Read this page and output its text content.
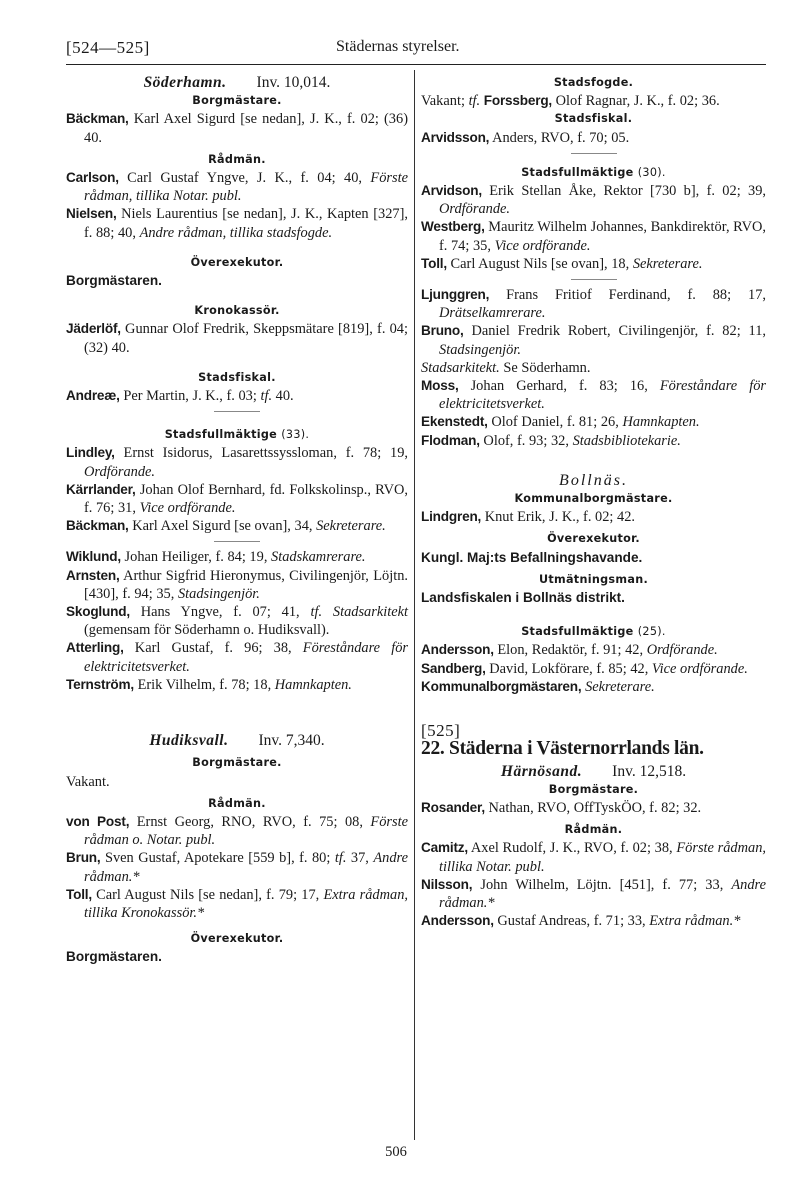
[524—525]	Städernas styrelser.
Söderhamn. Inv. 10,014.

Borgmästare.

Bäckman, Karl Axel Sigurd [se nedan], J. K., f. 02; (36) 40.

Rådmän.

Carlson, Carl Gustaf Yngve, J. K., f. 04; 40, Förste rådman, tillika Notar. publ.

Nielsen, Niels Laurentius [se nedan], J. K., Kapten [327], f. 88; 40, Andre rådman, tillika stadsfogde.

Överexekutor.

Borgmästaren.

Kronokassör.

Jäderlöf, Gunnar Olof Fredrik, Skeppsmätare [819], f. 04; (32) 40.

Stadsfiskal.

Andreæ, Per Martin, J. K., f. 03; tf. 40.

Stadsfullmäktige (33).

Lindley, Ernst Isidorus, Lasarettssyssloman, f. 78; 19, Ordförande.

Kärrlander, Johan Olof Bernhard, fd. Folkskolinsp., RVO, f. 76; 31, Vice ordförande.

Bäckman, Karl Axel Sigurd [se ovan], 34, Sekreterare.

Wiklund, Johan Heiliger, f. 84; 19, Stadskamrerare.

Arnsten, Arthur Sigfrid Hieronymus, Civilingenjör, Löjtn. [430], f. 94; 35, Stadsingenjör.

Skoglund, Hans Yngve, f. 07; 41, tf. Stadsarkitekt (gemensam för Söderhamn o. Hudiksvall).

Atterling, Karl Gustaf, f. 96; 38, Föreståndare för elektricitetsverket.

Ternström, Erik Vilhelm, f. 78; 18, Hamnkapten.

Hudiksvall. Inv. 7,340.

Borgmästare.

Vakant.

Rådmän.

von Post, Ernst Georg, RNO, RVO, f. 75; 08, Förste rådman o. Notar. publ.

Brun, Sven Gustaf, Apotekare [559 b], f. 80; tf. 37, Andre rådman.*

Toll, Carl August Nils [se nedan], f. 79; 17, Extra rådman, tillika Kronokassör.*

Överexekutor.

Borgmästaren.

Stadsfogde.

Vakant; tf. Forssberg, Olof Ragnar, J. K., f. 02; 36.

Stadsfiskal.

Arvidsson, Anders, RVO, f. 70; 05.

Stadsfullmäktige (30).

Arvidson, Erik Stellan Åke, Rektor [730 b], f. 02; 39, Ordförande.

Westberg, Mauritz Wilhelm Johannes, Bankdirektör, RVO, f. 74; 35, Vice ordförande.

Toll, Carl August Nils [se ovan], 18, Sekreterare.

Ljunggren, Frans Fritiof Ferdinand, f. 88; 17, Drätselkamrerare.

Bruno, Daniel Fredrik Robert, Civilingenjör, f. 82; 11, Stadsingenjör.

Stadsarkitekt. Se Söderhamn.

Moss, Johan Gerhard, f. 83; 16, Föreståndare för elektricitetsverket.

Ekenstedt, Olof Daniel, f. 81; 26, Hamnkapten.

Flodman, Olof, f. 93; 32, Stadsbibliotekarie.

Bollnäs.

Kommunalborgmästare.

Lindgren, Knut Erik, J. K., f. 02; 42.

Överexekutor.

Kungl. Maj:ts Befallningshavande.

Utmätningsman.

Landsfiskalen i Bollnäs distrikt.

Stadsfullmäktige (25).

Andersson, Elon, Redaktör, f. 91; 42, Ordförande.

Sandberg, David, Lokförare, f. 85; 42, Vice ordförande.

Kommunalborgmästaren, Sekreterare.

[525]

22. Städerna i Västernorrlands län.

Härnösand. Inv. 12,518.

Borgmästare.

Rosander, Nathan, RVO, OffTyskÖO, f. 82; 32.

Rådmän.

Camitz, Axel Rudolf, J. K., RVO, f. 02; 38, Förste rådman, tillika Notar. publ.

Nilsson, John Wilhelm, Löjtn. [451], f. 77; 33, Andre rådman.*

Andersson, Gustaf Andreas, f. 71; 33, Extra rådman.*

506
